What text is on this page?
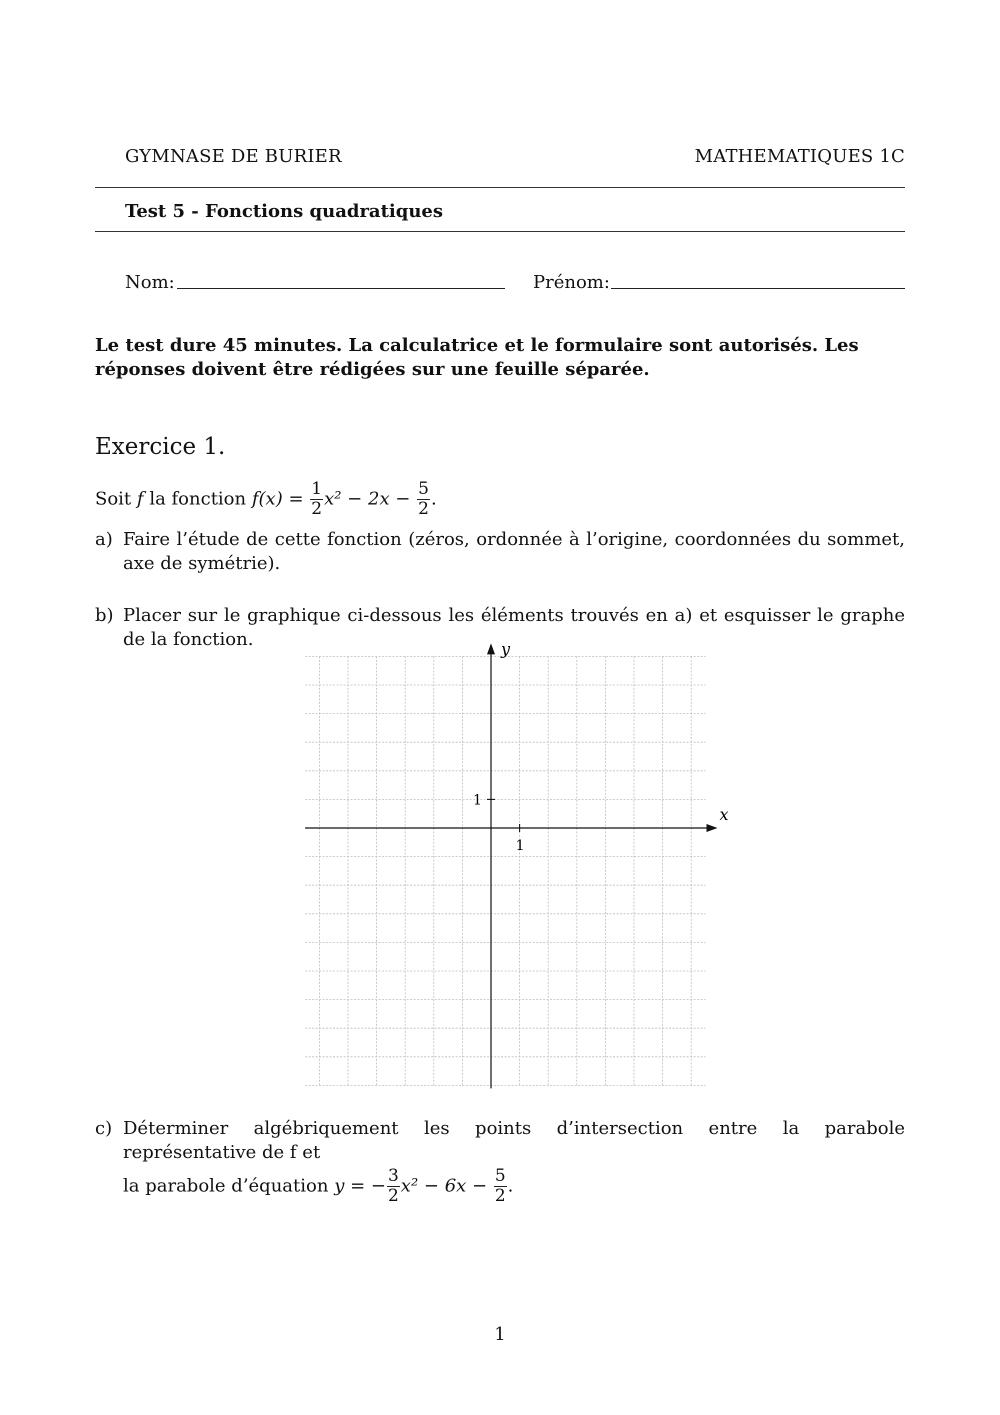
GYMNASE DE BURIER	MATHEMATIQUES 1C
Test 5 - Fonctions quadratiques
Nom:	Prénom:
Le test dure 45 minutes. La calculatrice et le formulaire sont autorisés. Les réponses doivent être rédigées sur une feuille séparée.
Exercice 1.
Soit f la fonction $f(x) = \frac{1}{2} x^2 - 2x - \frac{5}{2}$ .
a) Faire l’étude de cette fonction (zéros, ordonnée à l’origine, coordonnées du sommet, axe de symétrie).
b) Placer sur le graphique ci-dessous les éléments trouvés en a) et esquisser le graphe de la fonction.	y
x
1
1
c) Déterminer algébriquement les points d’intersection entre la parabole représentative de f et
la parabole d’équation y = − $\frac{3}{2} x^2 - 6x - \frac{5}{2}$ .
1
